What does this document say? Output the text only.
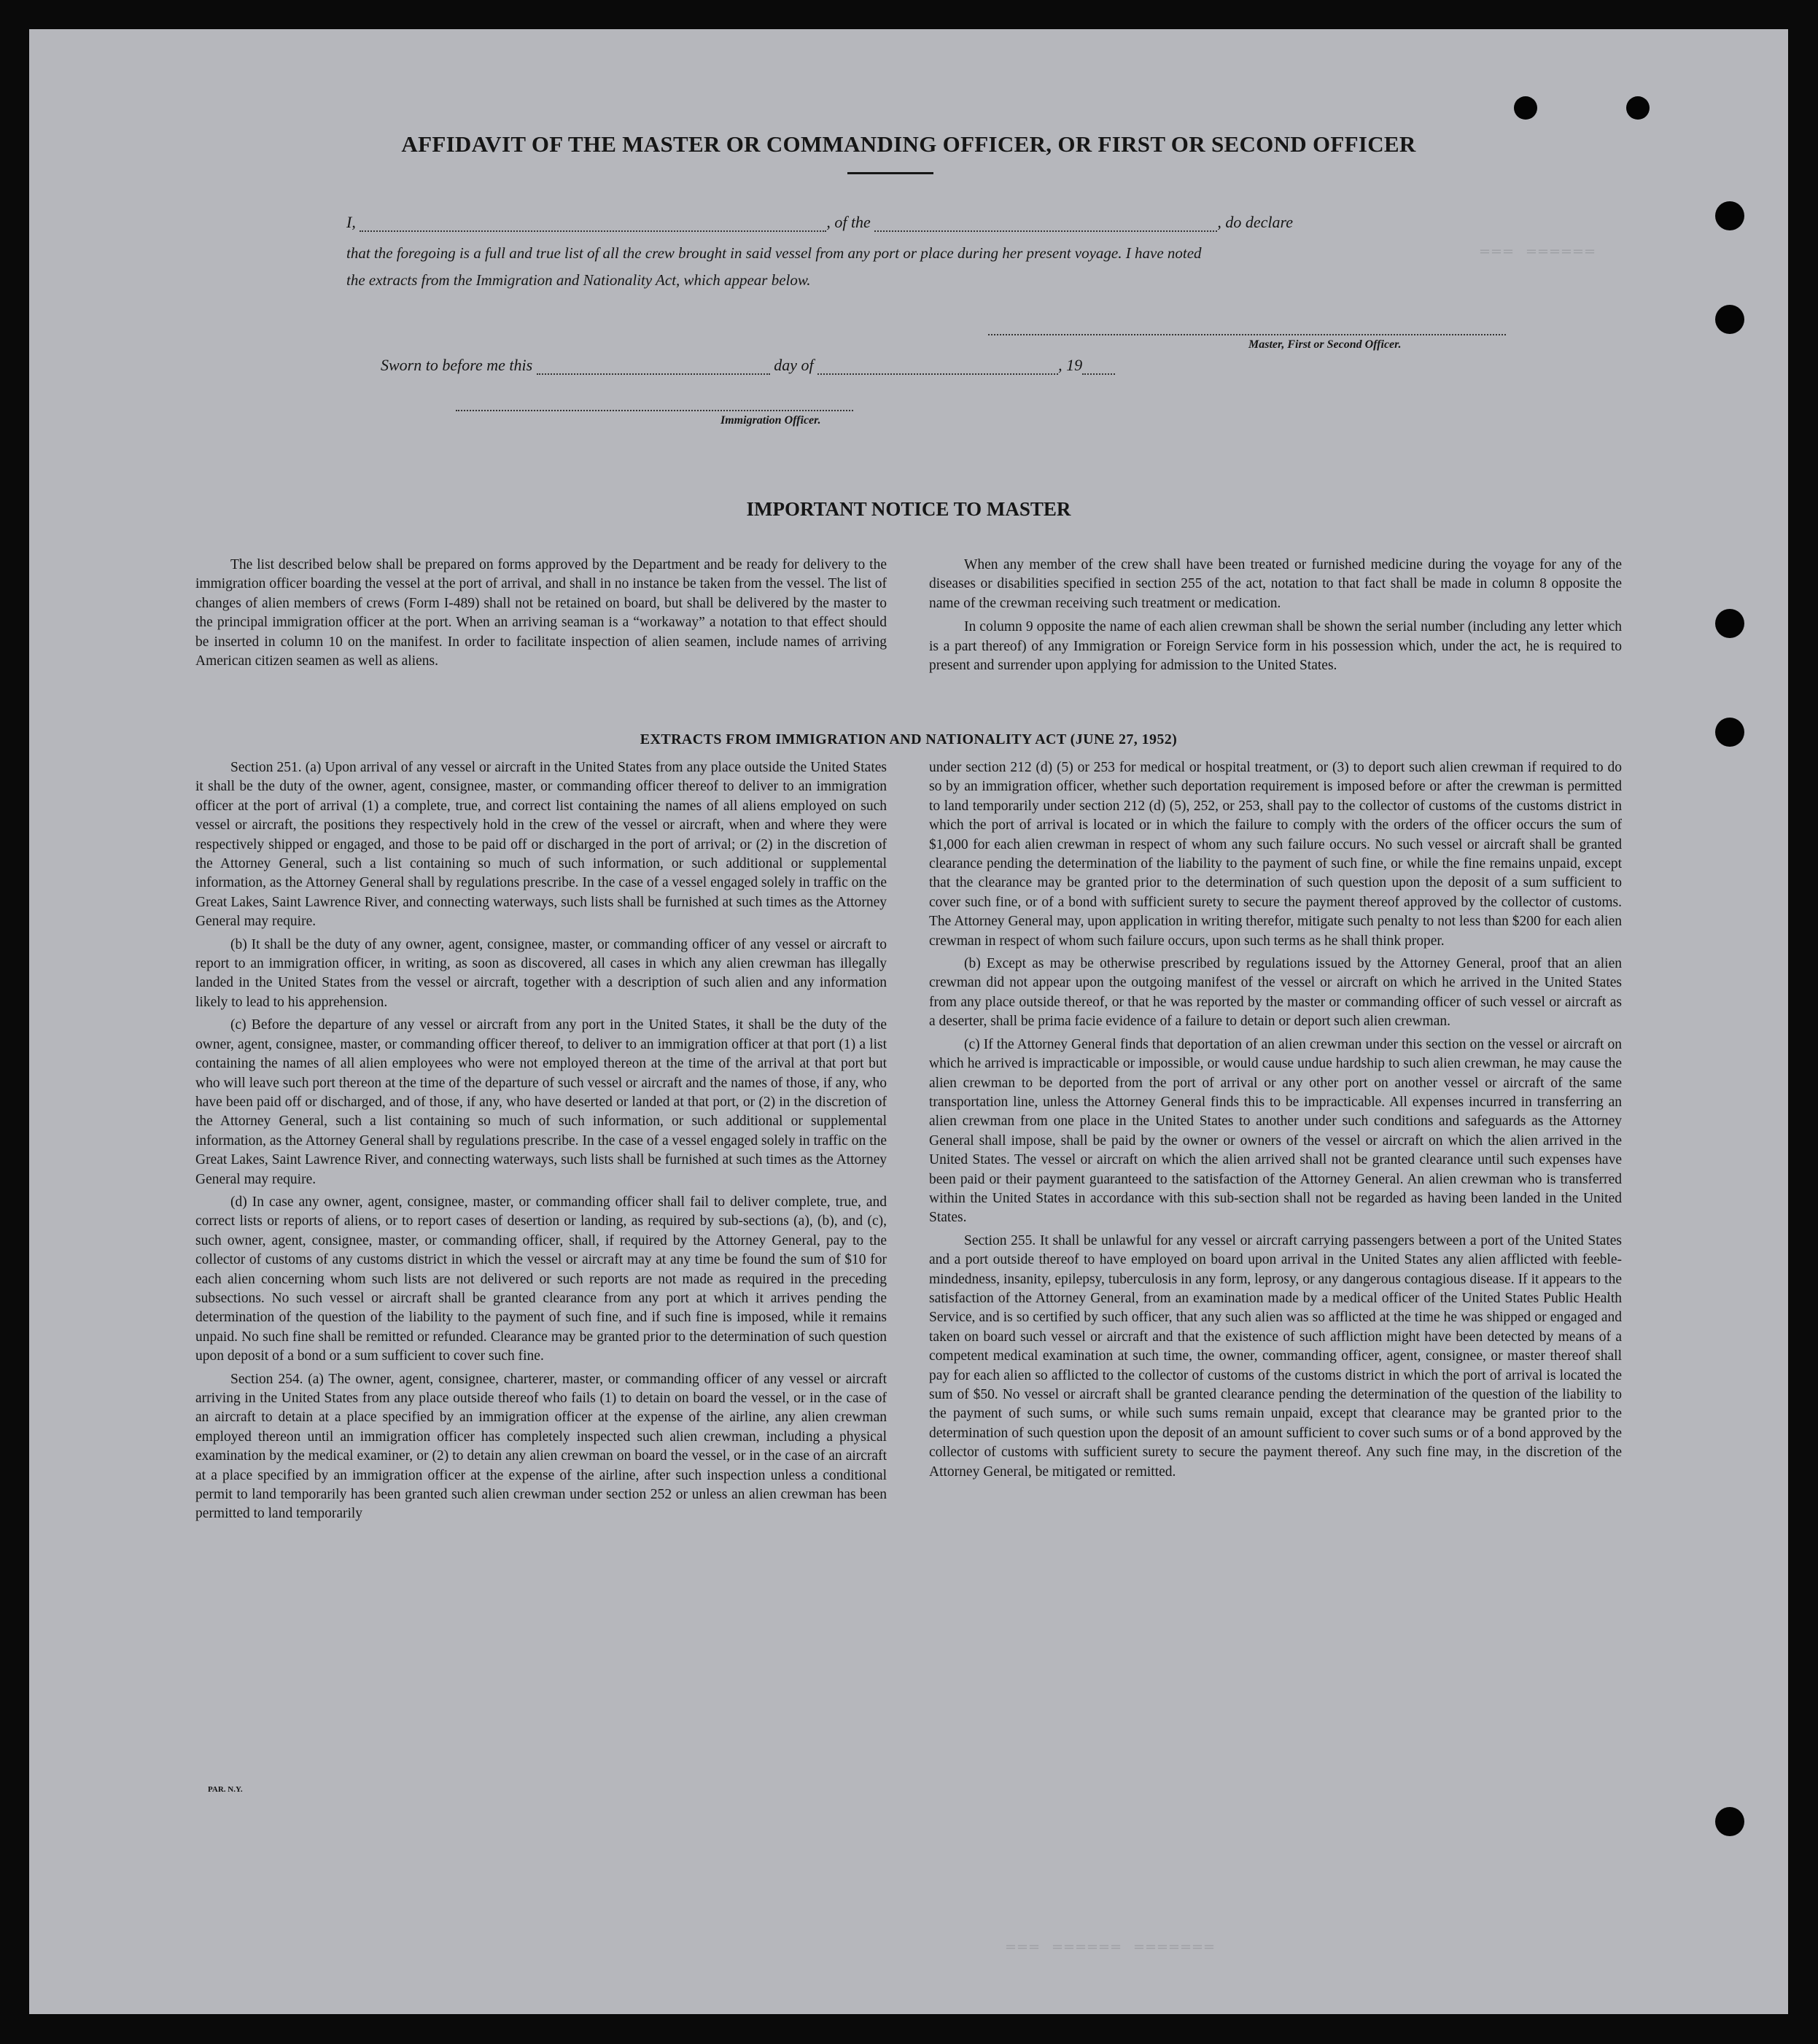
═══ ══════
═══ ══════ ═══════
AFFIDAVIT OF THE MASTER OR COMMANDING OFFICER, OR FIRST OR SECOND OFFICER
I,	, of the	, do declare
that the foregoing is a full and true list of all the crew brought in said vessel from any port or place during her present voyage. I have noted
the extracts from the Immigration and Nationality Act, which appear below.
Master, First or Second Officer.
Sworn to before me this	day of	, 19
Immigration Officer.
IMPORTANT NOTICE TO MASTER

The list described below shall be prepared on forms approved by the Department and be ready for delivery to the immigration officer boarding the vessel at the port of arrival, and shall in no instance be taken from the vessel. The list of changes of alien members of crews (Form I-489) shall not be retained on board, but shall be delivered by the master to the principal immigration officer at the port. When an arriving seaman is a “workaway” a notation to that effect should be inserted in column 10 on the manifest. In order to facilitate inspection of alien seamen, include names of arriving American citizen seamen as well as aliens.

When any member of the crew shall have been treated or furnished medicine during the voyage for any of the diseases or disabilities specified in section 255 of the act, notation to that fact shall be made in column 8 opposite the name of the crewman receiving such treatment or medication.

In column 9 opposite the name of each alien crewman shall be shown the serial number (including any letter which is a part thereof) of any Immigration or Foreign Service form in his possession which, under the act, he is required to present and surrender upon applying for admission to the United States.

EXTRACTS FROM IMMIGRATION AND NATIONALITY ACT (JUNE 27, 1952)

Section 251. (a) Upon arrival of any vessel or aircraft in the United States from any place outside the United States it shall be the duty of the owner, agent, consignee, master, or commanding officer thereof to deliver to an immigration officer at the port of arrival (1) a complete, true, and correct list containing the names of all aliens employed on such vessel or aircraft, the positions they respectively hold in the crew of the vessel or aircraft, when and where they were respectively shipped or engaged, and those to be paid off or discharged in the port of arrival; or (2) in the discretion of the Attorney General, such a list containing so much of such information, or such additional or supplemental information, as the Attorney General shall by regulations prescribe. In the case of a vessel engaged solely in traffic on the Great Lakes, Saint Lawrence River, and connecting waterways, such lists shall be furnished at such times as the Attorney General may require.

(b) It shall be the duty of any owner, agent, consignee, master, or commanding officer of any vessel or aircraft to report to an immigration officer, in writing, as soon as discovered, all cases in which any alien crewman has illegally landed in the United States from the vessel or aircraft, together with a description of such alien and any information likely to lead to his apprehension.

(c) Before the departure of any vessel or aircraft from any port in the United States, it shall be the duty of the owner, agent, consignee, master, or commanding officer thereof, to deliver to an immigration officer at that port (1) a list containing the names of all alien employees who were not employed thereon at the time of the arrival at that port but who will leave such port thereon at the time of the departure of such vessel or aircraft and the names of those, if any, who have been paid off or discharged, and of those, if any, who have deserted or landed at that port, or (2) in the discretion of the Attorney General, such a list containing so much of such information, or such additional or supplemental information, as the Attorney General shall by regulations prescribe. In the case of a vessel engaged solely in traffic on the Great Lakes, Saint Lawrence River, and connecting waterways, such lists shall be furnished at such times as the Attorney General may require.

(d) In case any owner, agent, consignee, master, or commanding officer shall fail to deliver complete, true, and correct lists or reports of aliens, or to report cases of desertion or landing, as required by sub-sections (a), (b), and (c), such owner, agent, consignee, master, or commanding officer, shall, if required by the Attorney General, pay to the collector of customs of any customs district in which the vessel or aircraft may at any time be found the sum of $10 for each alien concerning whom such lists are not delivered or such reports are not made as required in the preceding subsections. No such vessel or aircraft shall be granted clearance from any port at which it arrives pending the determination of the question of the liability to the payment of such fine, and if such fine is imposed, while it remains unpaid. No such fine shall be remitted or refunded. Clearance may be granted prior to the determination of such question upon deposit of a bond or a sum sufficient to cover such fine.

Section 254. (a) The owner, agent, consignee, charterer, master, or commanding officer of any vessel or aircraft arriving in the United States from any place outside thereof who fails (1) to detain on board the vessel, or in the case of an aircraft to detain at a place specified by an immigration officer at the expense of the airline, any alien crewman employed thereon until an immigration officer has completely inspected such alien crewman, including a physical examination by the medical examiner, or (2) to detain any alien crewman on board the vessel, or in the case of an aircraft at a place specified by an immigration officer at the expense of the airline, after such inspection unless a conditional permit to land temporarily has been granted such alien crewman under section 252 or unless an alien crewman has been permitted to land temporarily

under section 212 (d) (5) or 253 for medical or hospital treatment, or (3) to deport such alien crewman if required to do so by an immigration officer, whether such deportation requirement is imposed before or after the crewman is permitted to land temporarily under section 212 (d) (5), 252, or 253, shall pay to the collector of customs of the customs district in which the port of arrival is located or in which the failure to comply with the orders of the officer occurs the sum of $1,000 for each alien crewman in respect of whom any such failure occurs. No such vessel or aircraft shall be granted clearance pending the determination of the liability to the payment of such fine, or while the fine remains unpaid, except that the clearance may be granted prior to the determination of such question upon the deposit of a sum sufficient to cover such fine, or of a bond with sufficient surety to secure the payment thereof approved by the collector of customs. The Attorney General may, upon application in writing therefor, mitigate such penalty to not less than $200 for each alien crewman in respect of whom such failure occurs, upon such terms as he shall think proper.

(b) Except as may be otherwise prescribed by regulations issued by the Attorney General, proof that an alien crewman did not appear upon the outgoing manifest of the vessel or aircraft on which he arrived in the United States from any place outside thereof, or that he was reported by the master or commanding officer of such vessel or aircraft as a deserter, shall be prima facie evidence of a failure to detain or deport such alien crewman.

(c) If the Attorney General finds that deportation of an alien crewman under this section on the vessel or aircraft on which he arrived is impracticable or impossible, or would cause undue hardship to such alien crewman, he may cause the alien crewman to be deported from the port of arrival or any other port on another vessel or aircraft of the same transportation line, unless the Attorney General finds this to be impracticable. All expenses incurred in transferring an alien crewman from one place in the United States to another under such conditions and safeguards as the Attorney General shall impose, shall be paid by the owner or owners of the vessel or aircraft on which the alien arrived in the United States. The vessel or aircraft on which the alien arrived shall not be granted clearance until such expenses have been paid or their payment guaranteed to the satisfaction of the Attorney General. An alien crewman who is transferred within the United States in accordance with this sub-section shall not be regarded as having been landed in the United States.

Section 255. It shall be unlawful for any vessel or aircraft carrying passengers between a port of the United States and a port outside thereof to have employed on board upon arrival in the United States any alien afflicted with feeble-mindedness, insanity, epilepsy, tuberculosis in any form, leprosy, or any dangerous contagious disease. If it appears to the satisfaction of the Attorney General, from an examination made by a medical officer of the United States Public Health Service, and is so certified by such officer, that any such alien was so afflicted at the time he was shipped or engaged and taken on board such vessel or aircraft and that the existence of such affliction might have been detected by means of a competent medical examination at such time, the owner, commanding officer, agent, consignee, or master thereof shall pay for each alien so afflicted to the collector of customs of the customs district in which the port of arrival is located the sum of $50. No vessel or aircraft shall be granted clearance pending the determination of the question of the liability to the payment of such sums, or while such sums remain unpaid, except that clearance may be granted prior to the determination of such question upon the deposit of an amount sufficient to cover such sums or of a bond approved by the collector of customs with sufficient surety to secure the payment thereof. Any such fine may, in the discretion of the Attorney General, be mitigated or remitted.

PAR. N.Y.
